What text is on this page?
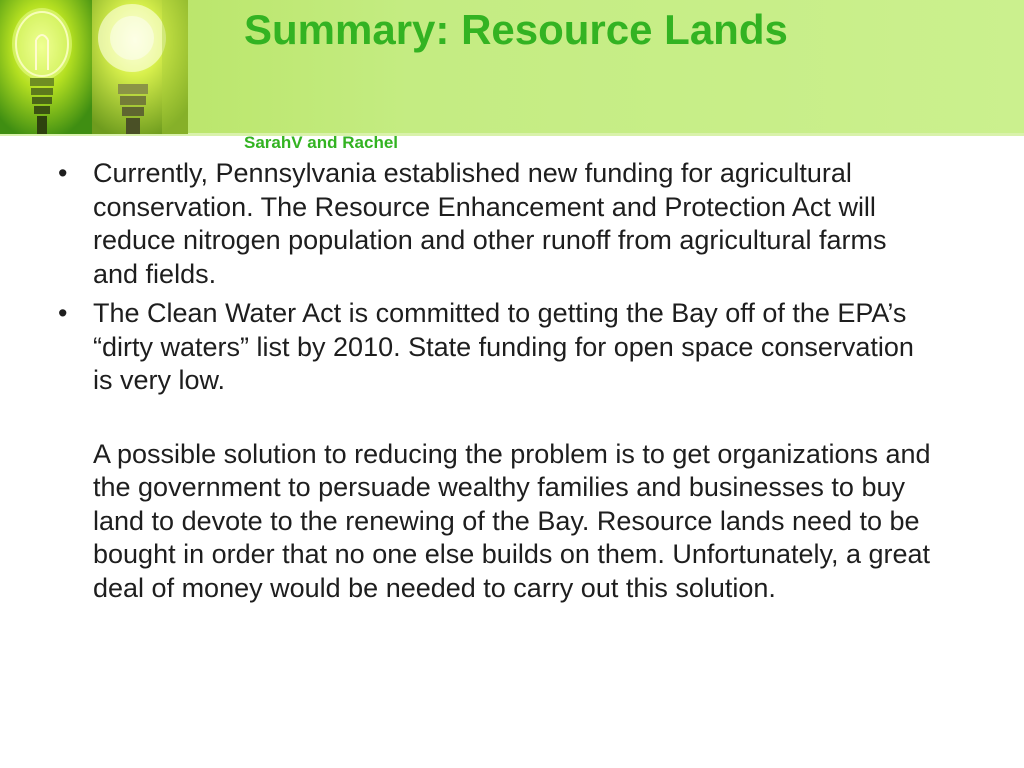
Summary: Resource Lands
SarahV and Rachel
• Currently, Pennsylvania established new funding for agricultural conservation. The Resource Enhancement and Protection Act will reduce nitrogen population and other runoff from agricultural farms and fields.
• The Clean Water Act is committed to getting the Bay off of the EPA’s “dirty waters” list by 2010. State funding for open space conservation is very low.

A possible solution to reducing the problem is to get organizations and the government to persuade wealthy families and businesses to buy land to devote to the renewing of the Bay. Resource lands need to be bought in order that no one else builds on them. Unfortunately, a great deal of money would be needed to carry out this solution.
